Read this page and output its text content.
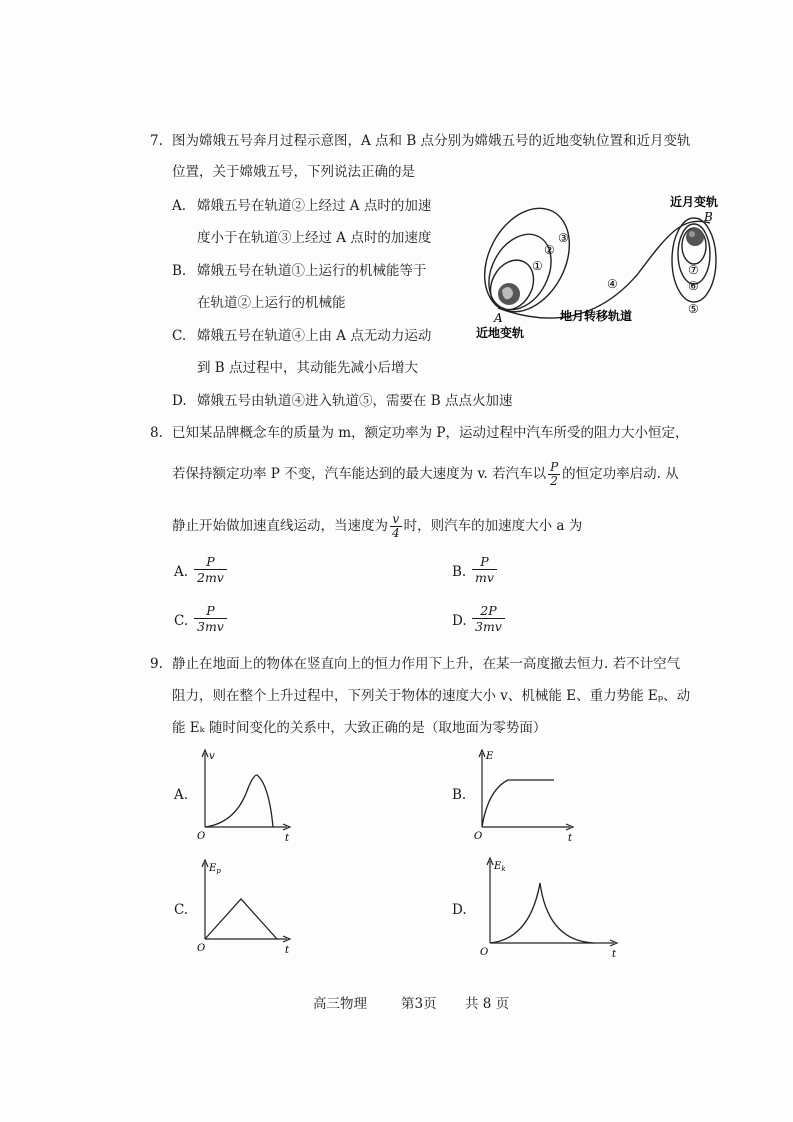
7. 图为嫦娥五号奔月过程示意图，A 点和 B 点分别为嫦娥五号的近地变轨位置和近月变轨
位置，关于嫦娥五号，下列说法正确的是
A. 嫦娥五号在轨道②上经过 A 点时的加速
度小于在轨道③上经过 A 点时的加速度
B. 嫦娥五号在轨道①上运行的机械能等于
在轨道②上运行的机械能
C. 嫦娥五号在轨道④上由 A 点无动力运动
到 B 点过程中，其动能先减小后增大
D. 嫦娥五号由轨道④进入轨道⑤，需要在 B 点点火加速
③
②
①
④
⑦
⑥
⑤
A
B
近月变轨
近地变轨
地月转移轨道
8. 已知某品牌概念车的质量为 m，额定功率为 P，运动过程中汽车所受的阻力大小恒定，
若保持额定功率 P 不变，汽车能达到的最大速度为 v. 若汽车以 $\frac{P}{2}$ 的恒定功率启动. 从
静止开始做加速直线运动，当速度为 $\frac{v}{4}$ 时，则汽车的加速度大小 a 为
A. $\frac{P}{2mv}$	B. $\frac{P}{mv}$
C. $\frac{P}{3mv}$	D. $\frac{2P}{3mv}$
9. 静止在地面上的物体在竖直向上的恒力作用下上升，在某一高度撤去恒力. 若不计空气
阻力，则在整个上升过程中，下列关于物体的速度大小 v、机械能 E、重力势能 Eₚ、动
能 Eₖ 随时间变化的关系中，大致正确的是（取地面为零势面）
A.
v
t
O
B.
E
t
O
C.
$E_p$
t
O
D.
$E_k$
t
O
高三物理	第3页 共 8 页
